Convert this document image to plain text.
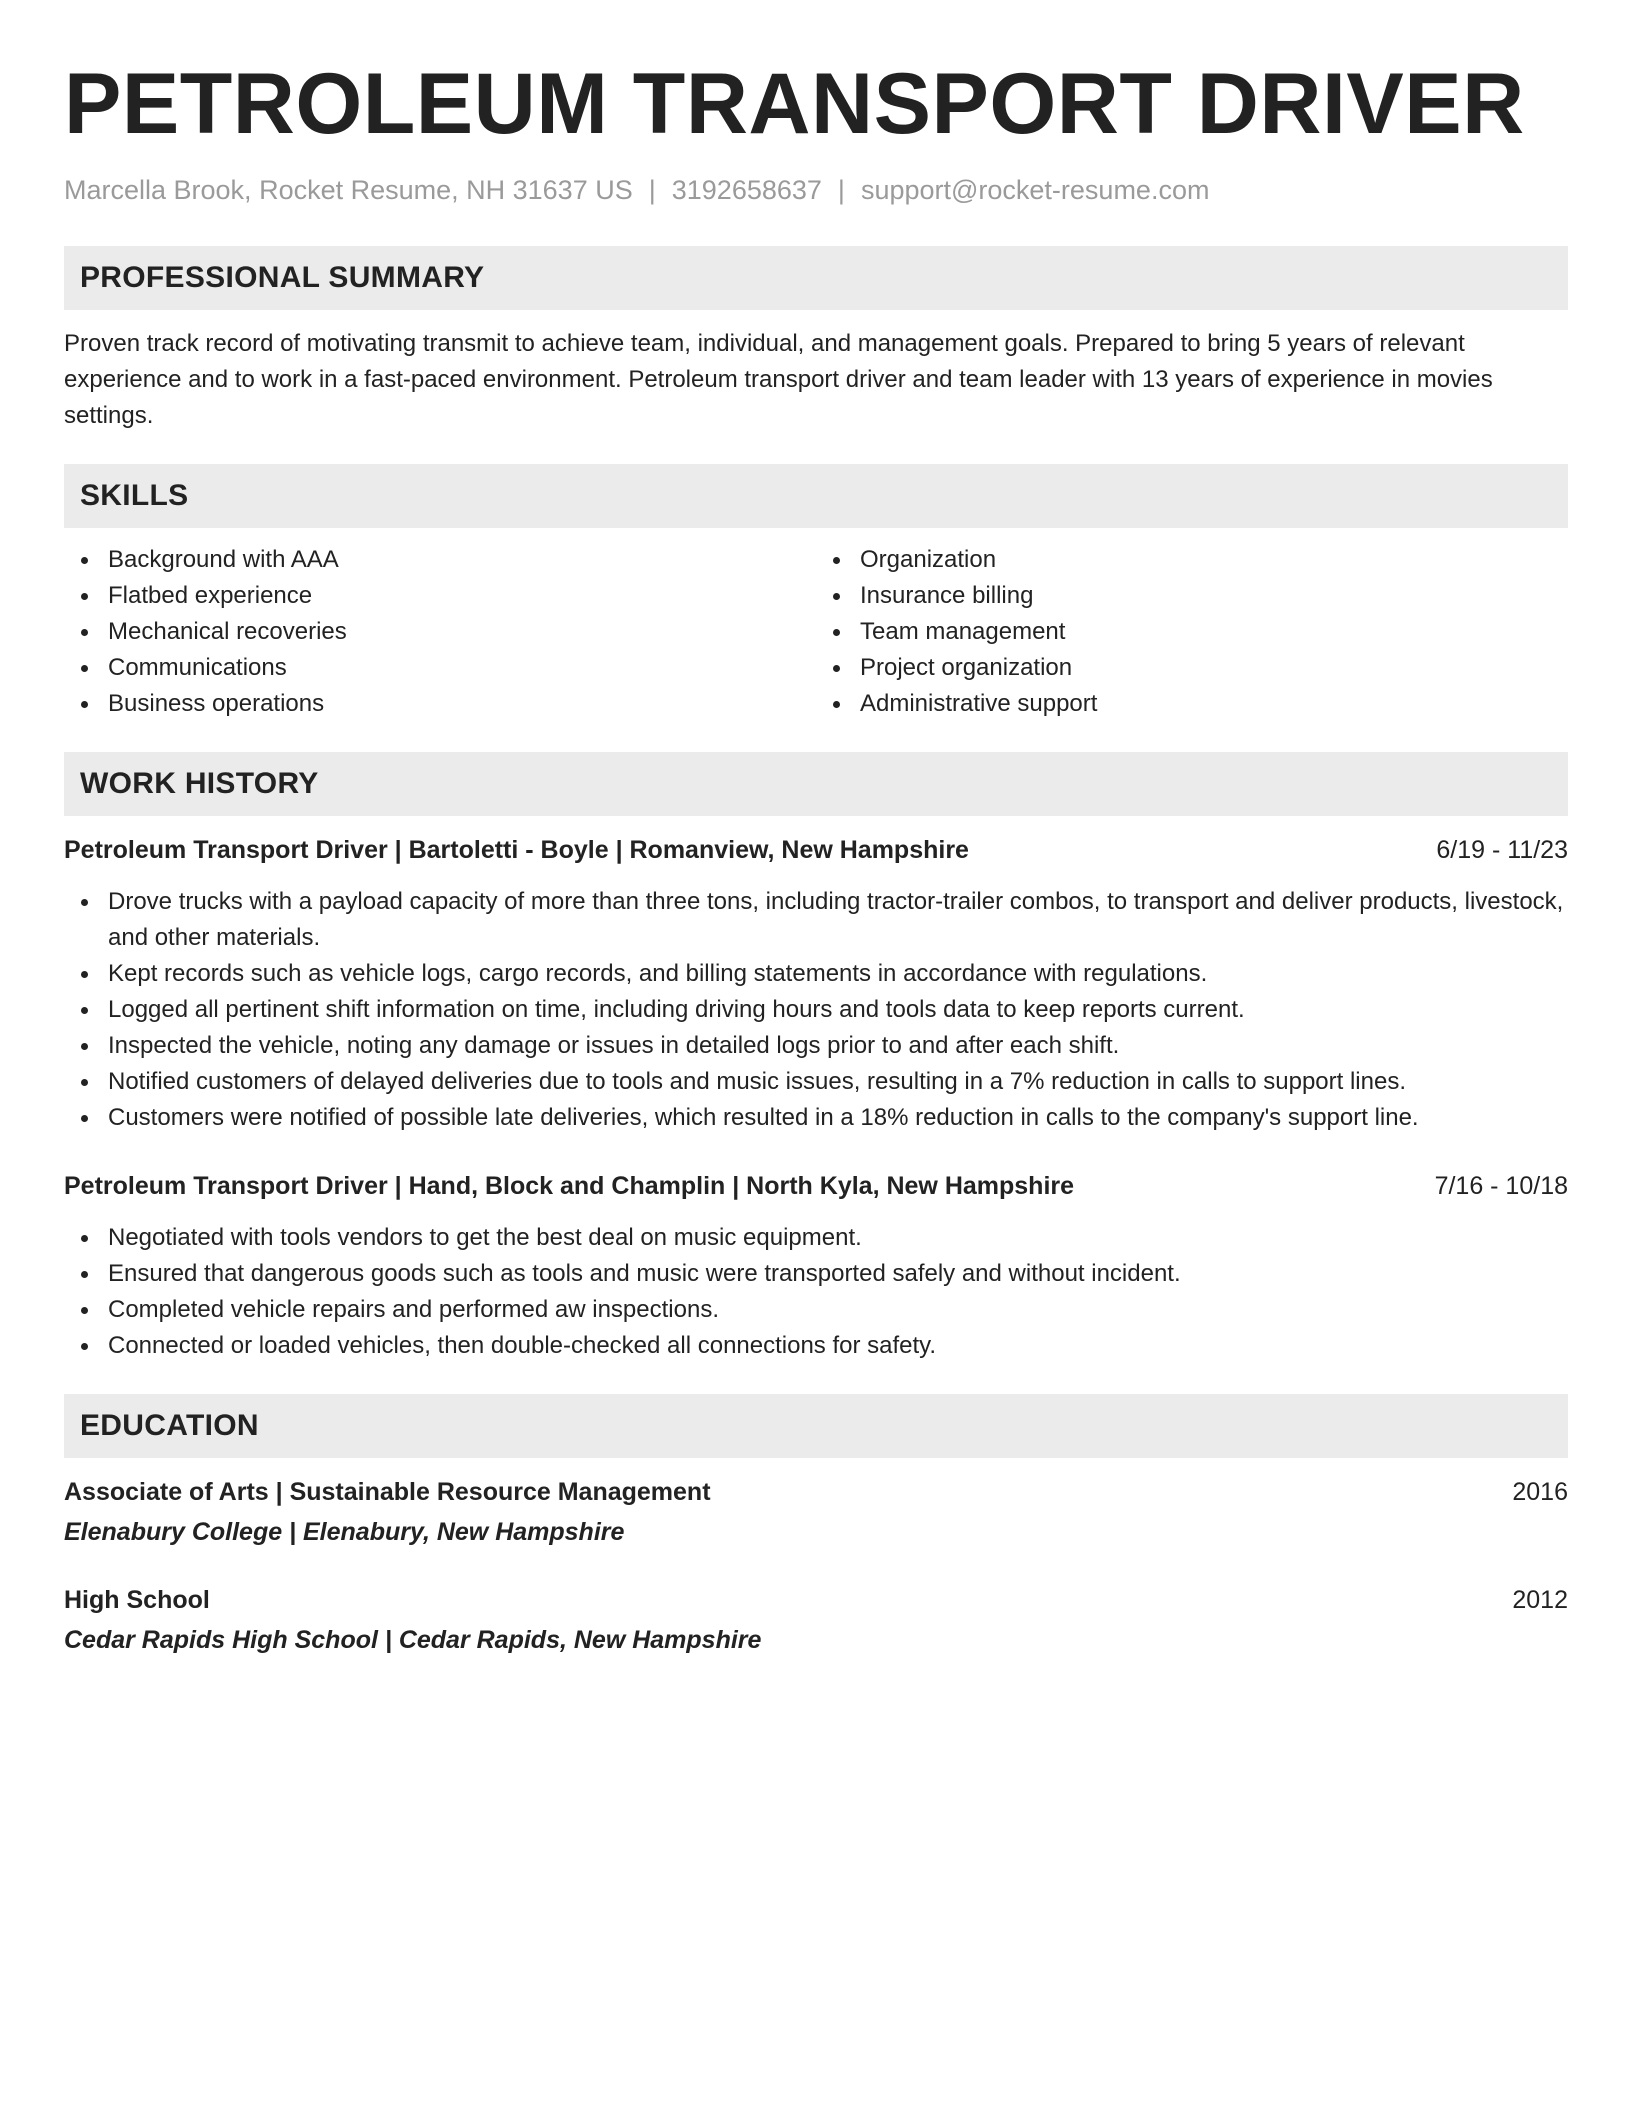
PETROLEUM TRANSPORT DRIVER
Marcella Brook, Rocket Resume, NH 31637 US | 3192658637 | support@rocket-resume.com
PROFESSIONAL SUMMARY
Proven track record of motivating transmit to achieve team, individual, and management goals. Prepared to bring 5 years of relevant experience and to work in a fast-paced environment. Petroleum transport driver and team leader with 13 years of experience in movies settings.
SKILLS
Background with AAA
Flatbed experience
Mechanical recoveries
Communications
Business operations
Organization
Insurance billing
Team management
Project organization
Administrative support
WORK HISTORY
Petroleum Transport Driver | Bartoletti - Boyle | Romanview, New Hampshire	6/19 - 11/23
Drove trucks with a payload capacity of more than three tons, including tractor-trailer combos, to transport and deliver products, livestock, and other materials.
Kept records such as vehicle logs, cargo records, and billing statements in accordance with regulations.
Logged all pertinent shift information on time, including driving hours and tools data to keep reports current.
Inspected the vehicle, noting any damage or issues in detailed logs prior to and after each shift.
Notified customers of delayed deliveries due to tools and music issues, resulting in a 7% reduction in calls to support lines.
Customers were notified of possible late deliveries, which resulted in a 18% reduction in calls to the company's support line.
Petroleum Transport Driver | Hand, Block and Champlin | North Kyla, New Hampshire	7/16 - 10/18
Negotiated with tools vendors to get the best deal on music equipment.
Ensured that dangerous goods such as tools and music were transported safely and without incident.
Completed vehicle repairs and performed aw inspections.
Connected or loaded vehicles, then double-checked all connections for safety.
EDUCATION
Associate of Arts | Sustainable Resource Management	2016
Elenabury College | Elenabury, New Hampshire
High School	2012
Cedar Rapids High School | Cedar Rapids, New Hampshire
